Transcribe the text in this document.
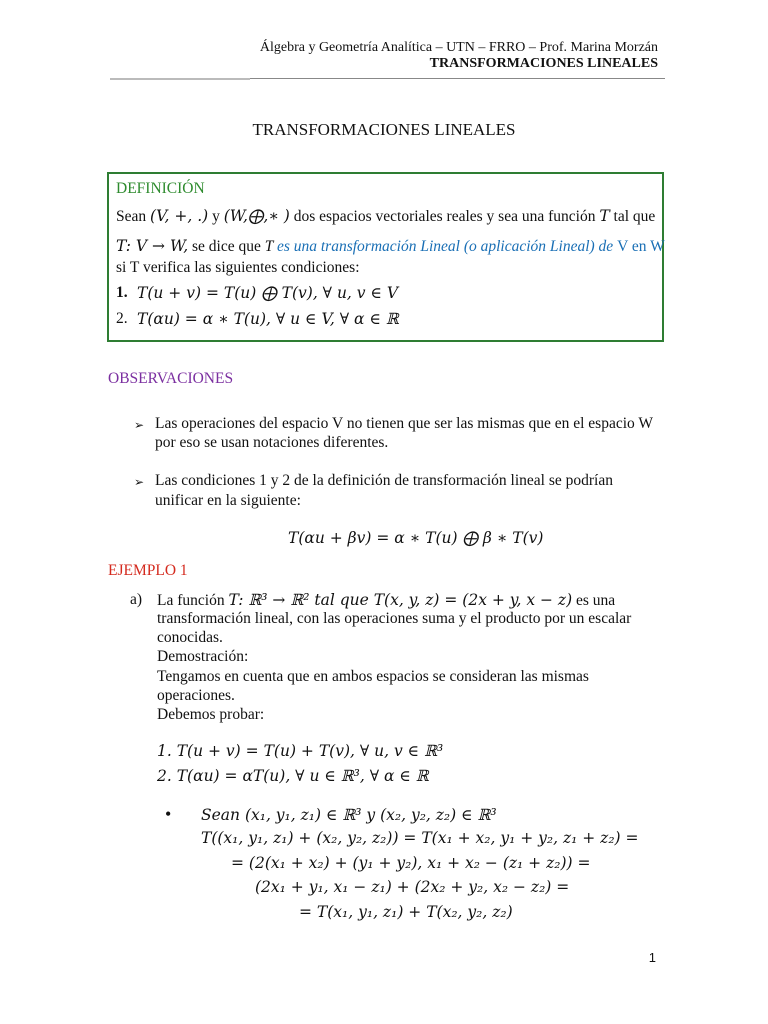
Álgebra y Geometría Analítica – UTN – FRRO – Prof. Marina Morzán
TRANSFORMACIONES LINEALES
TRANSFORMACIONES LINEALES
DEFINICIÓN
Sean (V, +, .) y (W,⨁,∗ ) dos espacios vectoriales reales y sea una función T tal que
T: V → W, se dice que T es una transformación Lineal (o aplicación Lineal) de V en W
si T verifica las siguientes condiciones:
1. T(u + v) = T(u) ⨁ T(v), ∀ u, v ∈ V
2. T(αu) = α ∗ T(u), ∀ u ∈ V, ∀ α ∈ ℝ
OBSERVACIONES
➢ Las operaciones del espacio V no tienen que ser las mismas que en el espacio W
por eso se usan notaciones diferentes.
➢ Las condiciones 1 y 2 de la definición de transformación lineal se podrían
unificar en la siguiente:
T(αu + βv) = α ∗ T(u) ⨁ β ∗ T(v)
EJEMPLO 1
a) La función T: ℝ³ → ℝ² tal que T(x, y, z) = (2x + y, x − z) es una
transformación lineal, con las operaciones suma y el producto por un escalar
conocidas.
Demostración:
Tengamos en cuenta que en ambos espacios se consideran las mismas
operaciones.
Debemos probar:
1. T(u + v) = T(u) + T(v), ∀ u, v ∈ ℝ³
2. T(αu) = αT(u), ∀ u ∈ ℝ³, ∀ α ∈ ℝ
• Sean (x₁, y₁, z₁) ∈ ℝ³ y (x₂, y₂, z₂) ∈ ℝ³
T((x₁, y₁, z₁) + (x₂, y₂, z₂)) = T(x₁ + x₂, y₁ + y₂, z₁ + z₂) =
= (2(x₁ + x₂) + (y₁ + y₂), x₁ + x₂ − (z₁ + z₂)) =
(2x₁ + y₁, x₁ − z₁) + (2x₂ + y₂, x₂ − z₂) =
= T(x₁, y₁, z₁) + T(x₂, y₂, z₂)
1
